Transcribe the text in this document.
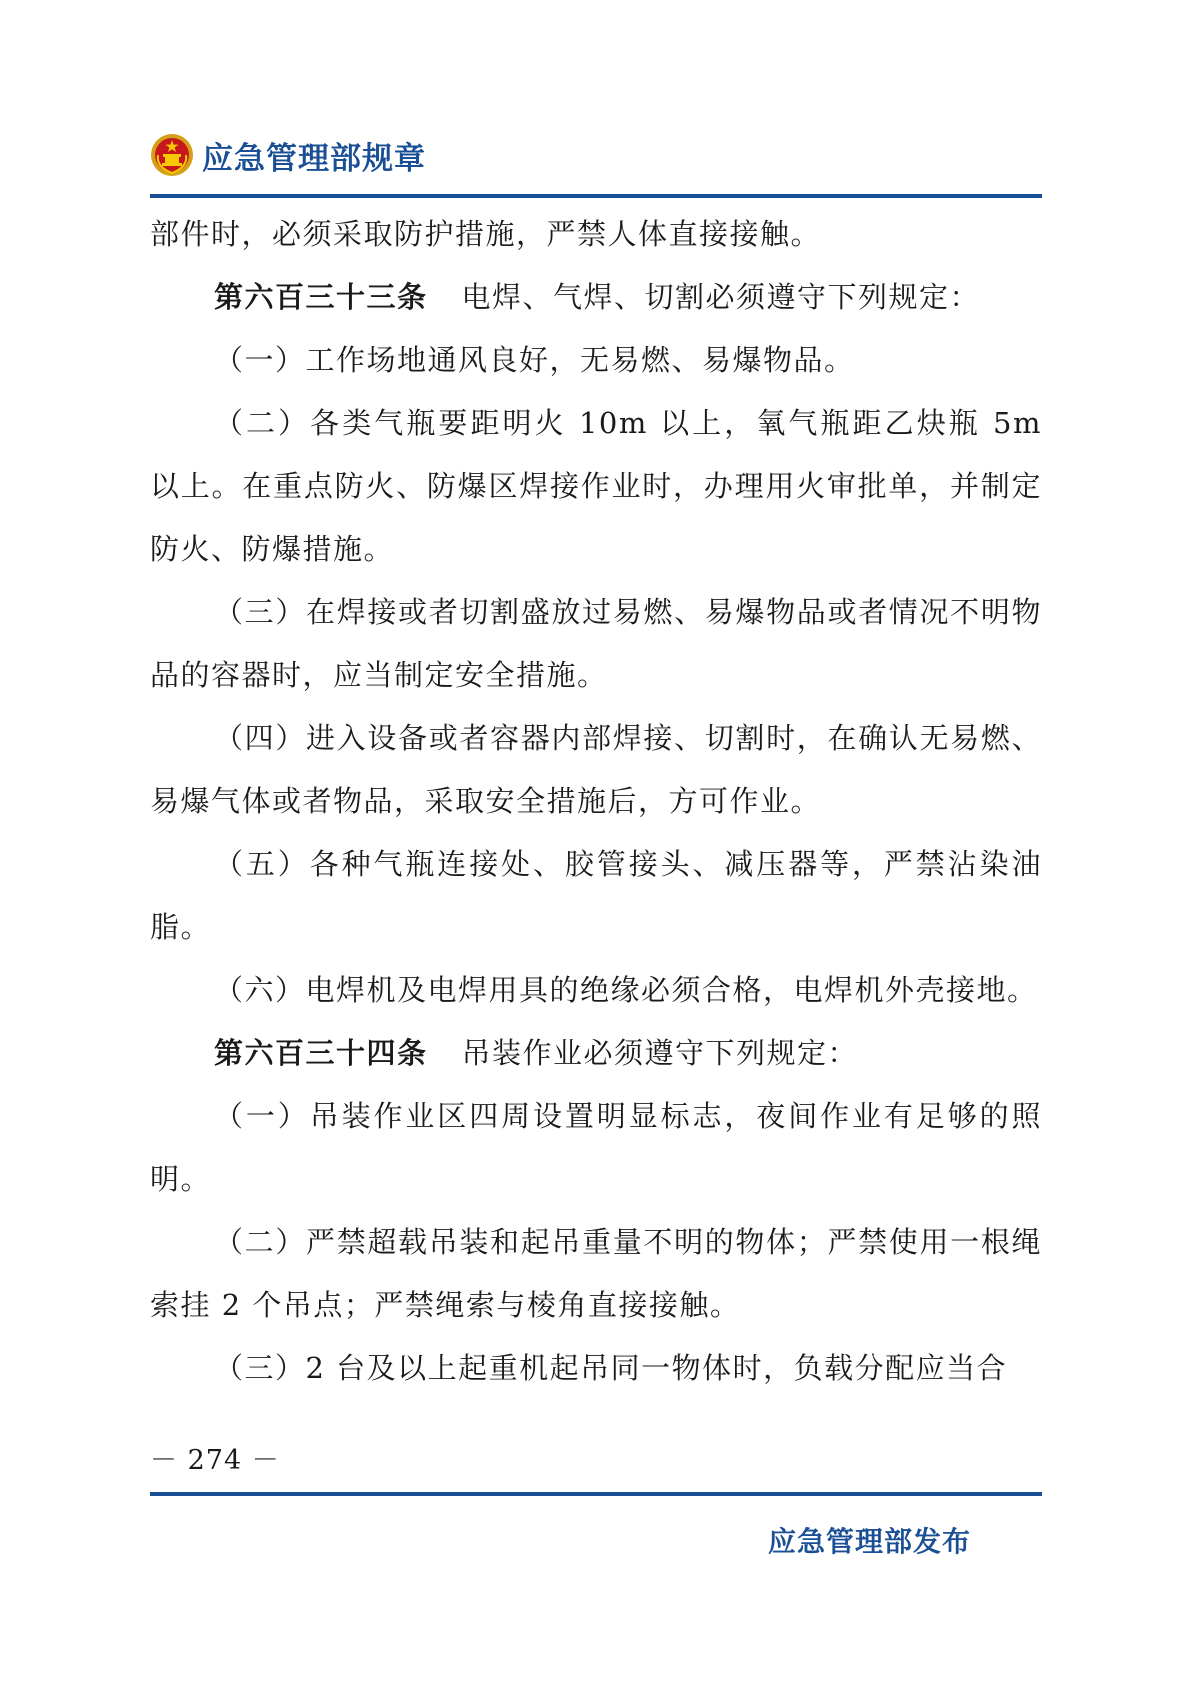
应急管理部规章

部件时，必须采取防护措施，严禁人体直接接触。

第六百三十三条 电焊、气焊、切割必须遵守下列规定：

（一）工作场地通风良好，无易燃、易爆物品。

（二）各类气瓶要距明火 10m 以上，氧气瓶距乙炔瓶 5m 以上。在重点防火、防爆区焊接作业时，办理用火审批单，并制定防火、防爆措施。

（三）在焊接或者切割盛放过易燃、易爆物品或者情况不明物品的容器时，应当制定安全措施。

（四）进入设备或者容器内部焊接、切割时，在确认无易燃、易爆气体或者物品，采取安全措施后，方可作业。

（五）各种气瓶连接处、胶管接头、减压器等，严禁沾染油脂。

（六）电焊机及电焊用具的绝缘必须合格，电焊机外壳接地。

第六百三十四条 吊装作业必须遵守下列规定：

（一）吊装作业区四周设置明显标志，夜间作业有足够的照明。

（二）严禁超载吊装和起吊重量不明的物体；严禁使用一根绳索挂 2 个吊点；严禁绳索与棱角直接接触。

（三）2 台及以上起重机起吊同一物体时，负载分配应当合

－ 274 －
应急管理部发布
